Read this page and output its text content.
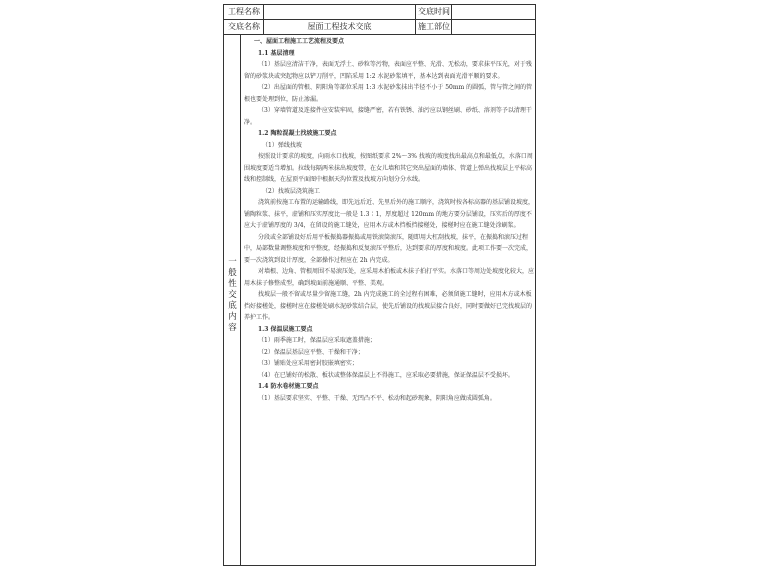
工程名称	交底时间
交底名称	屋面工程技术交底	施工部位
一
般
性
交
底
内
容

一、屋面工程施工工艺流程及要点

1.1 基层清理

（1）基层应清洁干净，表面无浮土、砂粒等污物，表面应平整、光滑、无松动，要求抹平压光，对于残留的砂浆块或突起物应以铲刀削平，凹陷采用 1:2 水泥砂浆填平，基本达到表面光滑平顺的要求。

（2）出屋面的管根、阴阳角等部位采用 1:3 水泥砂浆抹出半径不小于 50mm 的圆弧，管与管之间的管根也要处理到位，防止渗漏。

（3）穿墙管道及连接件应安装牢固，接缝严密，若有铁锈、油污应以钢丝刷、砂纸、溶剂等予以清理干净。

1.2 陶粒混凝土找坡施工要点

（1）弹线找坡

按照设计要求的坡度，向雨水口找坡，按图纸要求 2%～3% 找坡的坡度找出最高点和最低点，水落口周围坡度要适当增加。拉线每隔两米抹出坡度带，在女儿墙和其它突出屋面的墙体、管道上弹出找坡层上平标高线和控制线，在屋顶平面图中根据天沟位置及找坡方向划分分水线。

（2）找坡层浇筑施工

浇筑前按施工布置的运输路线，即先远后近、先里后外的施工顺序，浇筑时按各标高器的基层铺设坡度，铺陶粒浆、抹平，虚铺和压实厚度比一般是 1.3∶1，厚度超过 120mm 的地方要分层铺设，压实后的厚度不应大于虚铺厚度的 3/4，在留设的施工缝处，应用木方或木挡板挡接槎处，接槎时应在施工缝处涂刷浆。

分段或全部铺设好后用平板振捣器振捣或用铁滚筒滚压，随即用大杠刮找坡，抹平，在振捣和滚压过程中，局部数量调整坡度和平整度，经振捣和反复滚压平整后，达到要求的厚度和坡度。此项工作要一次完成，要一次浇筑到设计厚度，全部操作过程应在 2h 内完成。

对墙根、边角、管根周围不易滚压处，应采用木拍板或木抹子拍打平实。水落口等周边处坡度化较大，应用木抹子修整成型，确到坡面前施通顺、平整、美观。

找坡层一般不留或尽量少留施工缝，2h 内完成施工的全过程有困难，必须留施工缝时，应用木方或木板挡好接槎处，接槎时应在接槎处刷水泥砂浆结合层，使先后铺设的找坡层接合良好，同时要做好已完找坡层的养护工作。

1.3 保温层施工要点

（1）雨季施工时，保温层应采取遮盖措施；

（2）保温层基层应平整、干燥和干净；

（3）铺贴处应采用密封胶嵌填密实；

（4）在已铺好的松散、板状或整体保温层上不得施工，应采取必要措施，保证保温层不受损坏。

1.4 防水卷材施工要点

（1）基层要求坚实、平整、干燥、无凹凸不平、松动和起砂现象，阴阳角应做成圆弧角。
